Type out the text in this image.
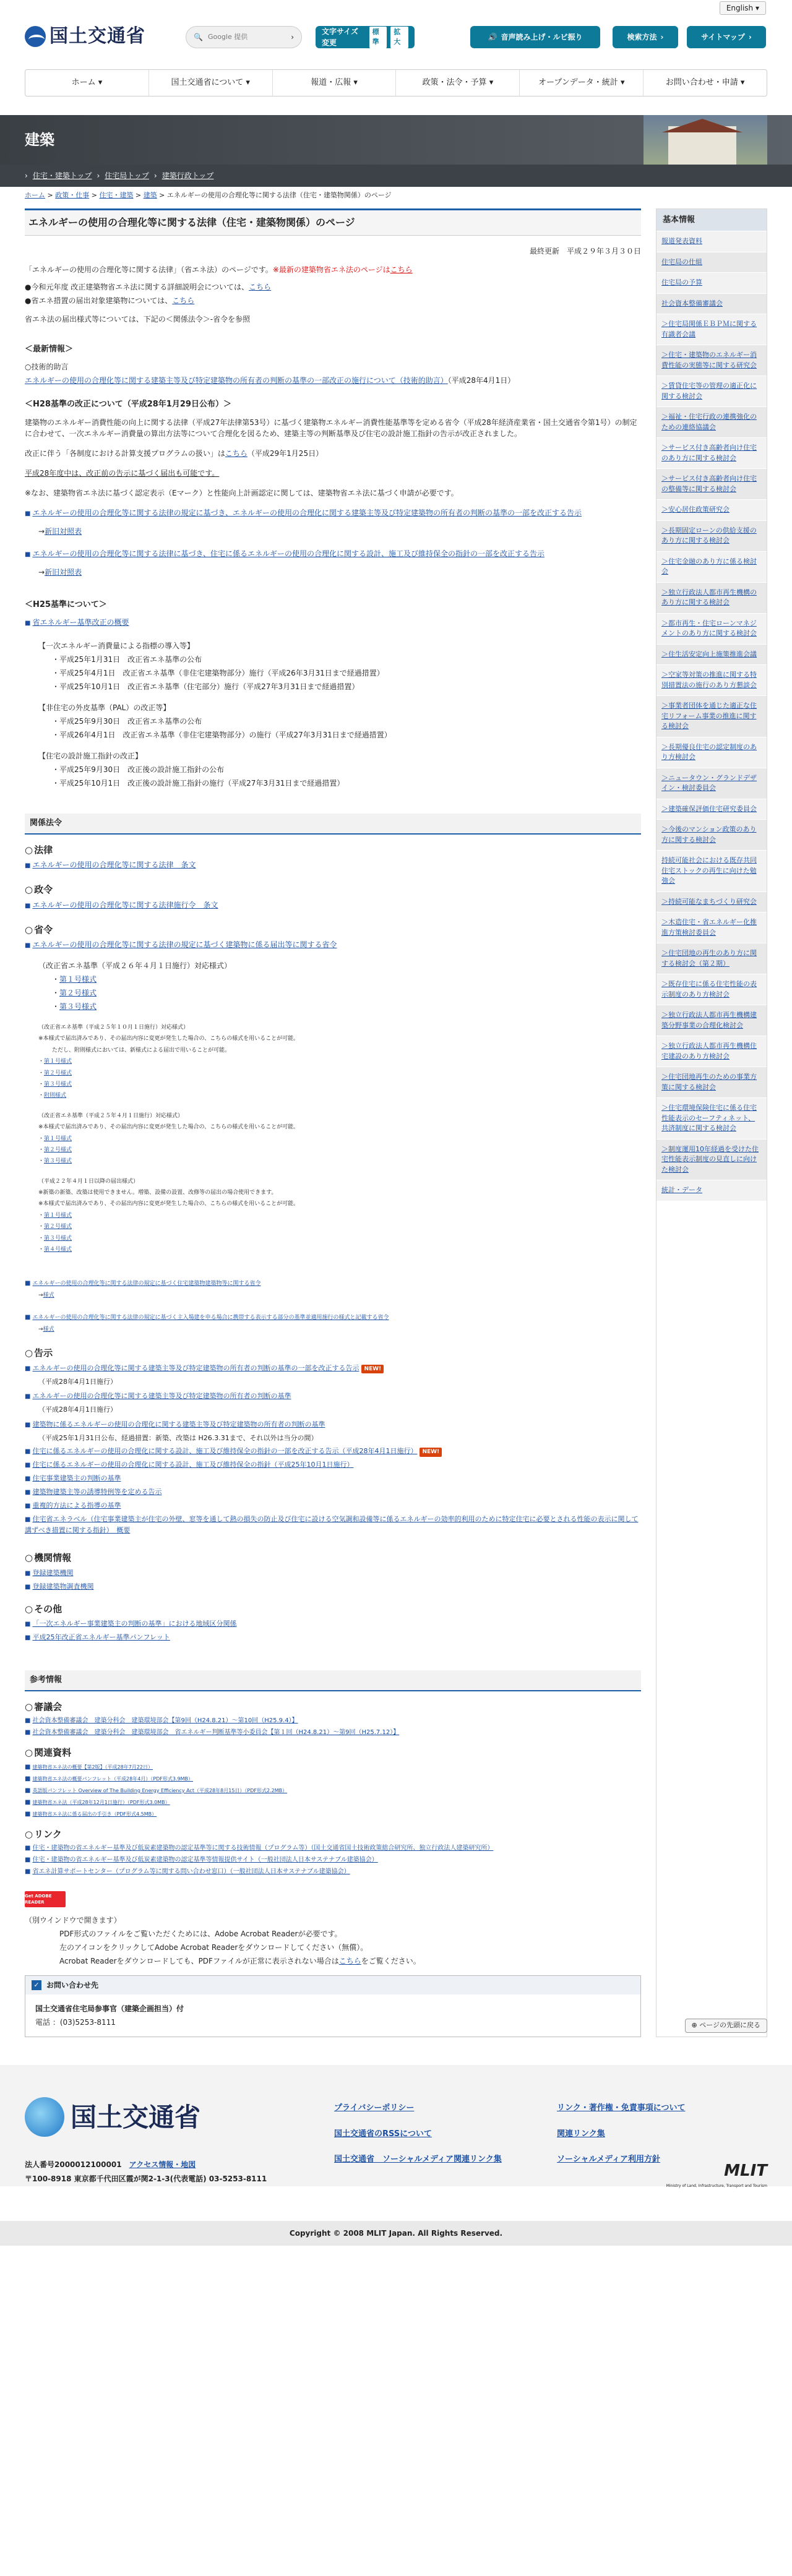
English ▾
国土交通省	🔍 Google 提供	›
文字サイズ変更
標準
拡大
🔊 音声読み上げ・ルビ振り	検索方法 ›	サイトマップ ›
ホーム ▾	国土交通省について ▾	報道・広報 ▾	政策・法令・予算 ▾	オープンデータ・統計 ▾	お問い合わせ・申請 ▾
建築
› 住宅・建築トップ › 住宅局トップ › 建築行政トップ
ホーム > 政策・仕事 > 住宅・建築 > 建築 > エネルギーの使用の合理化等に関する法律（住宅・建築物関係）のページ
エネルギーの使用の合理化等に関する法律（住宅・建築物関係）のページ
最終更新　平成２９年３月３０日

「エネルギーの使用の合理化等に関する法律」（省エネ法）のページです。※最新の建築物省エネ法のページはこちら

●今和元年度 改正建築物省エネ法に関する詳細説明会については、こちら

●省エネ措置の届出対象建築物については、こちら

省エネ法の届出様式等については、下記の＜関係法令＞-省令を参照

＜最新情報＞

○技術的助言

エネルギーの使用の合理化等に関する建築主等及び特定建築物の所有者の判断の基準の一部改正の施行について（技術的助言）（平成28年4月1日）

＜H28基準の改正について（平成28年1月29日公布）＞

建築物のエネルギー消費性能の向上に関する法律（平成27年法律第53号）に基づく建築物エネルギー消費性能基準等を定める省令（平成28年経済産業省・国土交通省令第1号）の制定に合わせて、一次エネルギー消費量の算出方法等について合理化を図るため、建築主等の判断基準及び住宅の設計施工指針の告示が改正されました。

改正に伴う「各制度における計算支援プログラムの扱い」はこちら（平成29年1月25日）

平成28年度中は、改正前の告示に基づく届出も可能です。

※なお、建築物省エネ法に基づく認定表示（Eマーク）と性能向上計画認定に関しては、建築物省エネ法に基づく申請が必要です。

■ エネルギーの使用の合理化等に関する法律の規定に基づき、エネルギーの使用の合理化に関する建築主等及び特定建築物の所有者の判断の基準の一部を改正する告示

→新旧対照表

■ エネルギーの使用の合理化等に関する法律に基づき、住宅に係るエネルギーの使用の合理化に関する設計、施工及び維持保全の指針の一部を改正する告示

→新旧対照表

＜H25基準について＞

■ 省エネルギー基準改正の概要

【一次エネルギー消費量による指標の導入等】

・平成25年1月31日　改正省エネ基準の公布

・平成25年4月1日　改正省エネ基準（非住宅建築物部分）施行（平成26年3月31日まで経過措置）

・平成25年10月1日　改正省エネ基準（住宅部分）施行（平成27年3月31日まで経過措置）

【非住宅の外皮基準（PAL）の改正等】

・平成25年9月30日　改正省エネ基準の公布

・平成26年4月1日　改正省エネ基準（非住宅建築物部分）の施行（平成27年3月31日まで経過措置）

【住宅の設計施工指針の改正】

・平成25年9月30日　改正後の設計施工指針の公布

・平成25年10月1日　改正後の設計施工指針の施行（平成27年3月31日まで経過措置）

関係法令
○ 法律

■ エネルギーの使用の合理化等に関する法律　条文

○ 政令

■ エネルギーの使用の合理化等に関する法律施行令　条文

○ 省令

■ エネルギーの使用の合理化等に関する法律の規定に基づく建築物に係る届出等に関する省令

（改正省エネ基準（平成２６年４月１日施行）対応様式）

・第１号様式

・第２号様式

・第３号様式

（改正省エネ基準（平成２５年１０月１日施行）対応様式）

※本様式で届出済みであり、その届出内容に変更が発生した場合の、こちらの様式を用いることが可能。

ただし、附則様式においては、新様式による届出で用いることが可能。

・第１号様式

・第２号様式

・第３号様式

・附則様式

（改正省エネ基準（平成２５年４月１日施行）対応様式）

※本様式で届出済みであり、その届出内容に変更が発生した場合の、こちらの様式を用いることが可能。

・第１号様式

・第２号様式

・第３号様式

（平成２２年４月１日以降の届出様式）

※新築の新築、改築は使用できません。増築、設備の設置、改修等の届出の場合使用できます。

※本様式で届出済みであり、その届出内容に変更が発生した場合の、こちらの様式を用いることが可能。

・第１号様式

・第２号様式

・第３号様式

・第４号様式

■ エネルギーの使用の合理化等に関する法律の規定に基づく住宅建築物建築物等に関する省令

→様式

■ エネルギーの使用の合理化等に関する法律の規定に基づく主入場建を申る場合に携帯する表示する部分の基準並適用施行の様式と記載する省令

→様式

○ 告示

■ エネルギーの使用の合理化等に関する建築主等及び特定建築物の所有者の判断の基準の一部を改正する告示 NEW!

（平成28年4月1日施行）

■ エネルギーの使用の合理化等に関する建築主等及び特定建築物の所有者の判断の基準

（平成28年4月1日施行）

■ 建築物に係るエネルギーの使用の合理化に関する建築主等及び特定建築物の所有者の判断の基準

（平成25年1月31日公布、経過措置：新築、改築は H26.3.31まで、それ以外は当分の間）

■ 住宅に係るエネルギーの使用の合理化に関する設計、施工及び維持保全の指針の一部を改正する告示（平成28年4月1日施行） NEW!

■ 住宅に係るエネルギーの使用の合理化に関する設計、施工及び維持保全の指針（平成25年10月1日施行）

■ 住宅事業建築主の判断の基準

■ 建築物建築主等の誘導特例等を定める告示

■ 重複的方法による指導の基準

■ 住宅省エネラベル（住宅事業建築主が住宅の外壁、窓等を通して熱の損失の防止及び住宅に設ける空気調和設備等に係るエネルギーの効率的利用のために特定住宅に必要とされる性能の表示に関して講ずべき措置に関する指針）　概要

○ 機関情報

■ 登録建築機関

■ 登録建築物調査機関

○ その他

■ 「一次エネルギー事業建築主の判断の基準」における地域区分関係

■ 平成25年改正省エネルギー基準パンフレット

参考情報
○ 審議会

■ 社会資本整備審議会　建築分科会　建築環境部会【第9回（H24.8.21）〜第10回（H25.9.4）】

■ 社会資本整備審議会　建築分科会　建築環境部会　省エネルギー判断基準等小委員会【第１回（H24.8.21）〜第9回（H25.7.12）】

○ 関連資料

■ 建築物省エネ法の概要【第2版】（平成28年7月22日）

■ 建築物省エネ法の概要パンフレット（平成28年4月）（PDF形式3.9MB）

■ 英語版パンフレット Overview of The Building Energy Efficiency Act（平成28年8月15日）（PDF形式2.2MB）

■ 建築物省エネ法（平成28年12月1日施行）（PDF形式3.0MB）

■ 建築物省エネ法に係る届出の手引き（PDF形式4.5MB）

○ リンク

■ 住宅・建築物の省エネルギー基準及び低炭素建築物の認定基準等に関する技術情報（プログラム等）（国土交通省国土技術政策総合研究所、独立行政法人建築研究所）

■ 住宅・建築物の省エネルギー基準及び低炭素建築物の認定基準等情報提供サイト（一般社団法人日本サステナブル建築協会）

■ 省エネ計算サポートセンター（プログラム等に関する問い合わせ窓口）（一般社団法人日本サステナブル建築協会）

Get ADOBE READER

（別ウインドウで開きます）

PDF形式のファイルをご覧いただくためには、Adobe Acrobat Readerが必要です。

左のアイコンをクリックしてAdobe Acrobat Readerをダウンロードしてください（無償）。

Acrobat Readerをダウンロードしても、PDFファイルが正常に表示されない場合はこちらをご覧ください。

✓ お問い合わせ先

国土交通省住宅局参事官（建築企画担当）付

電話 ：(03)5253-8111

基本情報
報道発表資料
住宅局の仕組
住宅局の予算
社会資本整備審議会
＞住宅局関係ＥＢＰＭに関する有識者会議
＞住宅・建築物のエネルギー消費性能の実態等に関する研究会
＞賃貸住宅等の管理の適正化に関する検討会
＞福祉・住宅行政の連携強化のための連絡協議会
＞サービス付き高齢者向け住宅のあり方に関する検討会
＞サービス付き高齢者向け住宅の整備等に関する検討会
＞安心居住政策研究会
＞長期固定ローンの供給支援のあり方に関する検討会
＞住宅金融のあり方に係る検討会
＞独立行政法人都市再生機構のあり方に関する検討会
＞都市再生・住宅ローンマネジメントのあり方に関する検討会
＞住生活安定向上施策推進会議
＞空家等対策の推進に関する特別措置法の施行のあり方懇談会
＞事業者団体を通じた適正な住宅リフォーム事業の推進に関する検討会
＞長期優良住宅の認定制度のあり方検討会
＞ニュータウン・グランドデザイン・検討委員会
＞建築確保評価住宅研究委員会
＞今後のマンション政策のあり方に関する検討会
持続可能社会における既存共同住宅ストックの再生に向けた勉強会
＞持続可能なまちづくり研究会
＞木造住宅・省エネルギー化推進方策検討委員会
＞住宅団地の再生のあり方に関する検討会（第２期）
＞既存住宅に係る住宅性能の表示制度のあり方検討会
＞独立行政法人都市再生機構建築分野事業の合理化検討会
＞独立行政法人都市再生機構住宅建設のあり方検討会
＞住宅団地再生のための事業方策に関する検討会
＞住宅環境保険住宅に係る住宅性能表示のセーフティネット、共済制度に関する検討会
＞制度運用10年経過を受けた住宅性能表示制度の見直しに向けた検討会
統計・データ
⊕ ページの先頭に戻る
国土交通省	プライバシーポリシー
国土交通省のRSSについて
国土交通省　ソーシャルメディア関連リンク集
リンク・著作権・免責事項について
関連リンク集
ソーシャルメディア利用方針
法人番号2000012100001　 アクセス情報・地図
〒100-8918 東京都千代田区霞が関2-1-3(代表電話) 03-5253-8111	MLIT
Ministry of Land, Infrastructure, Transport and Tourism
Copyright © 2008 MLIT Japan. All Rights Reserved.
